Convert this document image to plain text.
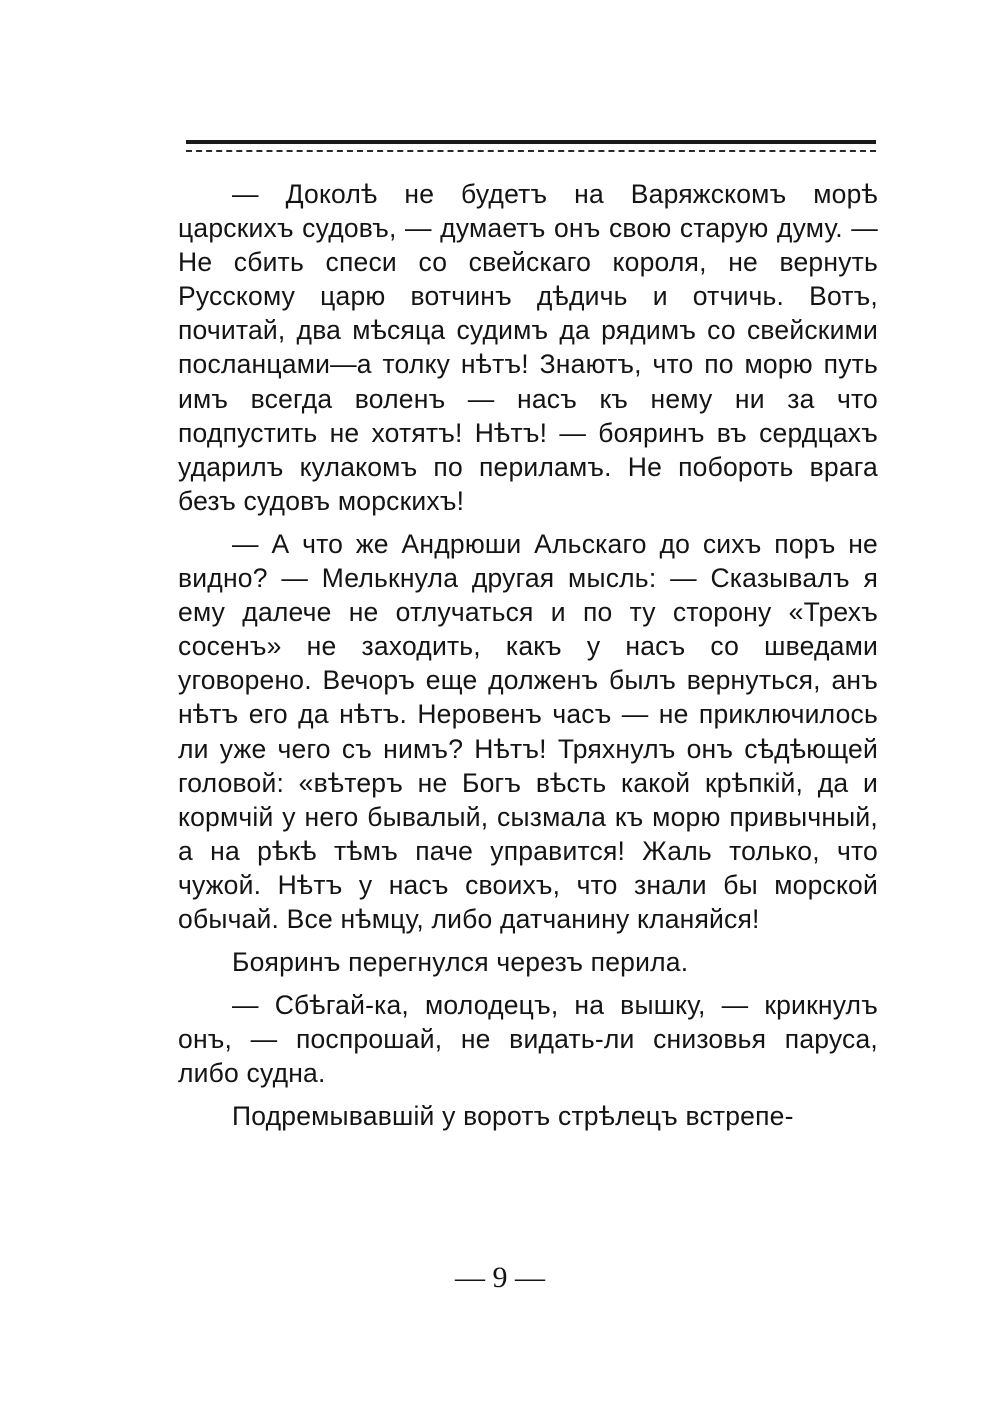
— Доколѣ не будетъ на Варяжскомъ морѣ царскихъ судовъ, — думаетъ онъ свою старую думу. — Не сбить спеси со свейскаго короля, не вернуть Русскому царю вотчинъ дѣдичь и отчичь. Вотъ, почитай, два мѣсяца судимъ да рядимъ со свейскими посланцами—а толку нѣтъ! Знаютъ, что по морю путь имъ всегда воленъ — насъ къ нему ни за что подпустить не хотятъ! Нѣтъ! — бояринъ въ сердцахъ ударилъ кулакомъ по периламъ. Не побороть врага безъ судовъ морскихъ!

— А что же Андрюши Альскаго до сихъ поръ не видно? — Мелькнула другая мысль: — Сказывалъ я ему далече не отлучаться и по ту сторону «Трехъ сосенъ» не заходить, какъ у насъ со шведами уговорено. Вечоръ еще долженъ былъ вернуться, анъ нѣтъ его да нѣтъ. Неровенъ часъ — не приключилось ли уже чего съ нимъ? Нѣтъ! Тряхнулъ онъ сѣдѣющей головой: «вѣтеръ не Богъ вѣсть какой крѣпкій, да и кормчій у него бывалый, сызмала къ морю привычный, а на рѣкѣ тѣмъ паче управится! Жаль только, что чужой. Нѣтъ у насъ своихъ, что знали бы морской обычай. Все нѣмцу, либо датчанину кланяйся!

Бояринъ перегнулся черезъ перила.

— Сбѣгай-ка, молодецъ, на вышку, — крикнулъ онъ, — поспрошай, не видать-ли снизовья паруса, либо судна.

Подремывавшій у воротъ стрѣлецъ встрепе-

— 9 —
